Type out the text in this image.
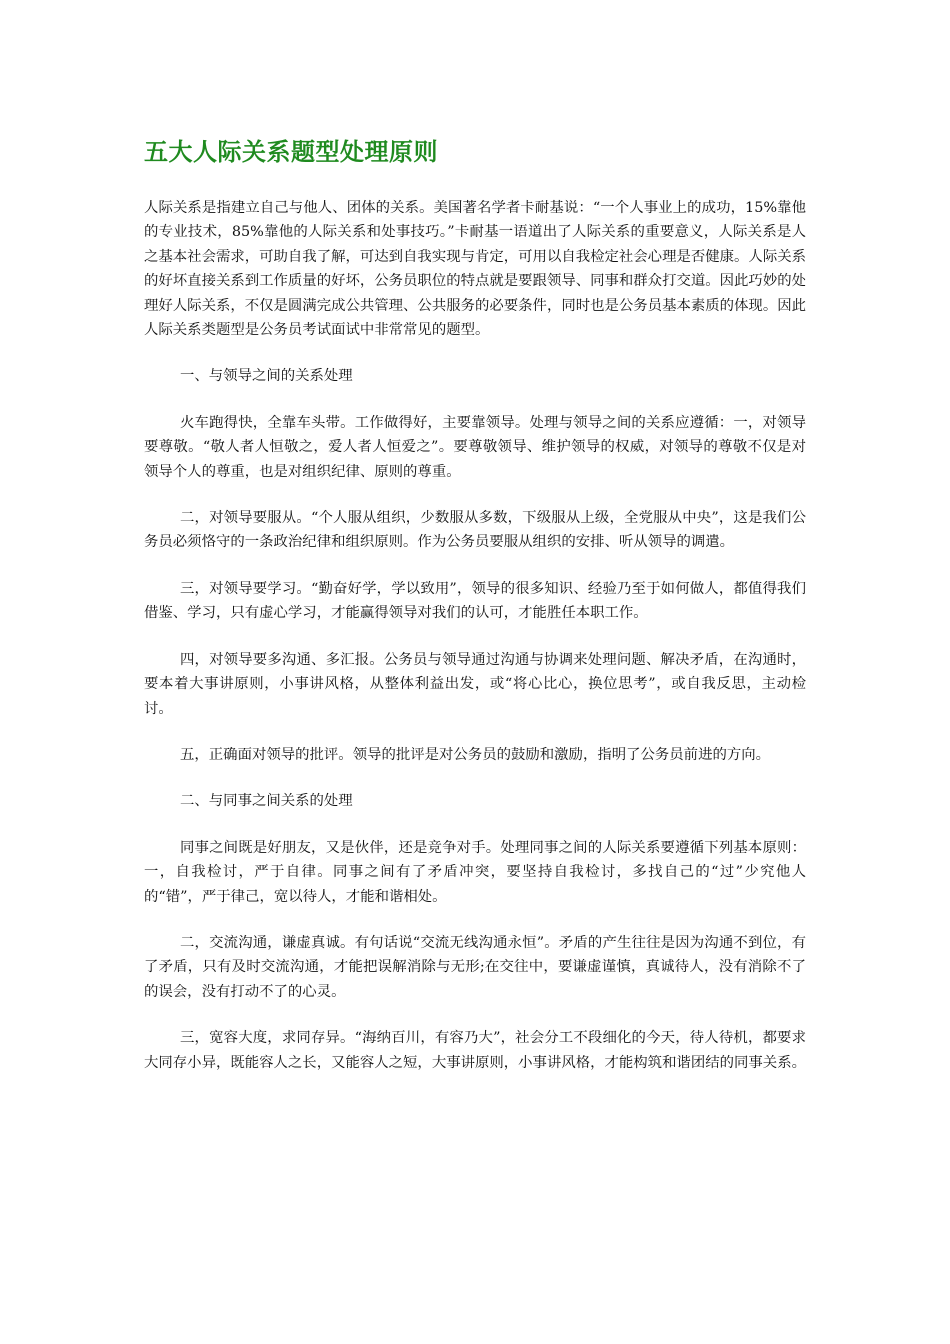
五大人际关系题型处理原则

人际关系是指建立自己与他人、团体的关系。美国著名学者卡耐基说：“一个人事业上的成功，15%靠他的专业技术，85%靠他的人际关系和处事技巧。”卡耐基一语道出了人际关系的重要意义，人际关系是人之基本社会需求，可助自我了解，可达到自我实现与肯定，可用以自我检定社会心理是否健康。人际关系的好坏直接关系到工作质量的好坏，公务员职位的特点就是要跟领导、同事和群众打交道。因此巧妙的处理好人际关系，不仅是圆满完成公共管理、公共服务的必要条件，同时也是公务员基本素质的体现。因此人际关系类题型是公务员考试面试中非常常见的题型。

一、与领导之间的关系处理

火车跑得快，全靠车头带。工作做得好，主要靠领导。处理与领导之间的关系应遵循：一，对领导要尊敬。“敬人者人恒敬之，爱人者人恒爱之”。要尊敬领导、维护领导的权威，对领导的尊敬不仅是对领导个人的尊重，也是对组织纪律、原则的尊重。

二，对领导要服从。“个人服从组织，少数服从多数，下级服从上级，全党服从中央”，这是我们公务员必须恪守的一条政治纪律和组织原则。作为公务员要服从组织的安排、听从领导的调遣。

三，对领导要学习。“勤奋好学，学以致用”，领导的很多知识、经验乃至于如何做人，都值得我们借鉴、学习，只有虚心学习，才能赢得领导对我们的认可，才能胜任本职工作。

四，对领导要多沟通、多汇报。公务员与领导通过沟通与协调来处理问题、解决矛盾，在沟通时，要本着大事讲原则，小事讲风格，从整体利益出发，或“将心比心，换位思考”，或自我反思，主动检讨。

五，正确面对领导的批评。领导的批评是对公务员的鼓励和激励，指明了公务员前进的方向。

二、与同事之间关系的处理

同事之间既是好朋友，又是伙伴，还是竞争对手。处理同事之间的人际关系要遵循下列基本原则：一，自我检讨，严于自律。同事之间有了矛盾冲突，要坚持自我检讨，多找自己的“过”少究他人的“错”，严于律己，宽以待人，才能和谐相处。

二，交流沟通，谦虚真诚。有句话说“交流无线沟通永恒”。矛盾的产生往往是因为沟通不到位，有了矛盾，只有及时交流沟通，才能把误解消除与无形;在交往中，要谦虚谨慎，真诚待人，没有消除不了的误会，没有打动不了的心灵。

三，宽容大度，求同存异。“海纳百川，有容乃大”，社会分工不段细化的今天，待人待机，都要求大同存小异，既能容人之长，又能容人之短，大事讲原则，小事讲风格，才能构筑和谐团结的同事关系。
